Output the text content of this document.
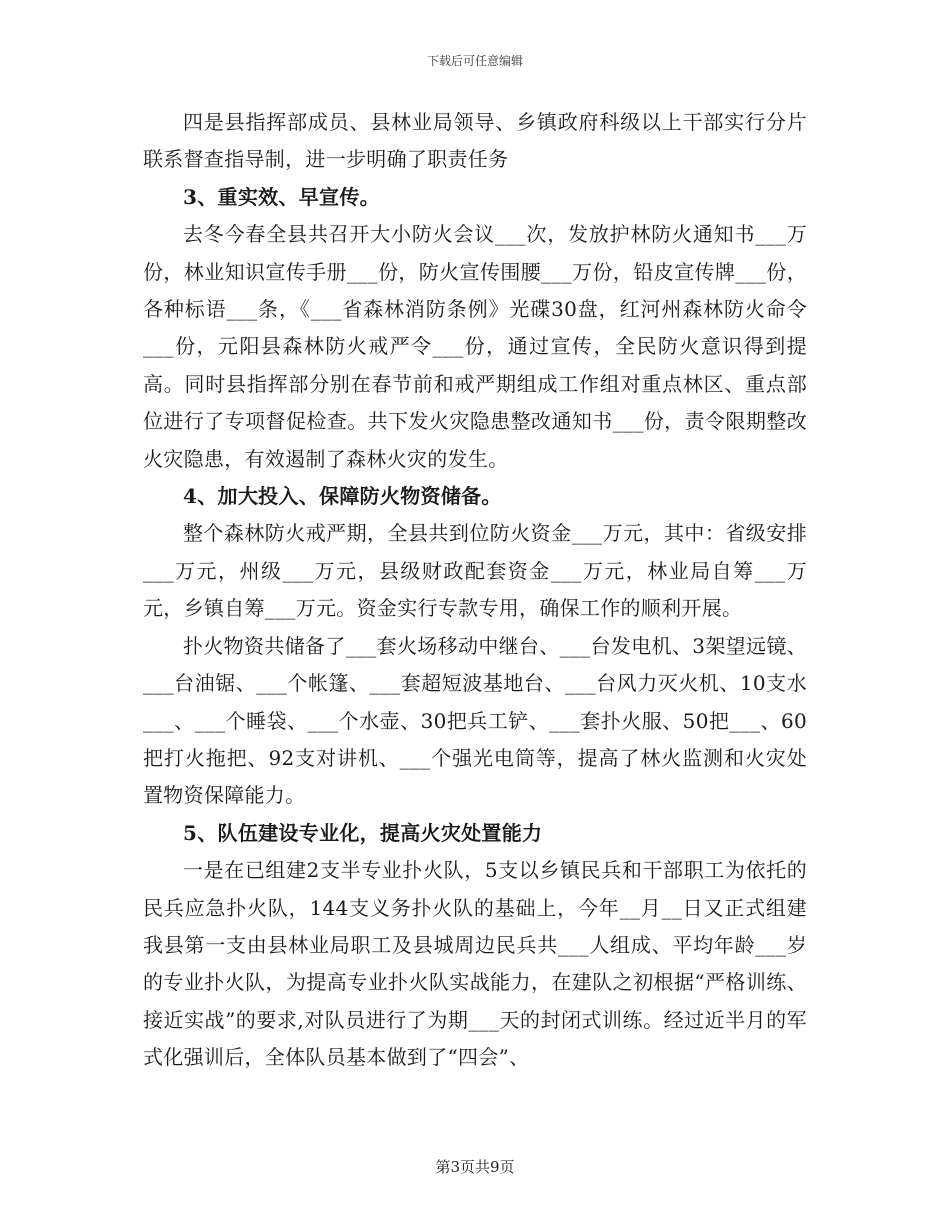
下载后可任意编辑

四是县指挥部成员、县林业局领导、乡镇政府科级以上干部实行分片联系督查指导制，进一步明确了职责任务

3、重实效、早宣传。

去冬今春全县共召开大小防火会议___次，发放护林防火通知书___万份，林业知识宣传手册___份，防火宣传围腰___万份，铅皮宣传牌___份，各种标语___条，《___省森林消防条例》光碟30盘，红河州森林防火命令___份，元阳县森林防火戒严令___份，通过宣传，全民防火意识得到提高。同时县指挥部分别在春节前和戒严期组成工作组对重点林区、重点部位进行了专项督促检查。共下发火灾隐患整改通知书___份，责令限期整改火灾隐患，有效遏制了森林火灾的发生。

4、加大投入、保障防火物资储备。

整个森林防火戒严期，全县共到位防火资金___万元，其中：省级安排___万元，州级___万元，县级财政配套资金___万元，林业局自筹___万元，乡镇自筹___万元。资金实行专款专用，确保工作的顺利开展。

扑火物资共储备了___套火场移动中继台、___台发电机、3架望远镜、___台油锯、___个帐篷、___套超短波基地台、___台风力灭火机、10支水___、___个睡袋、___个水壶、30把兵工铲、___套扑火服、50把___、60把打火拖把、92支对讲机、___个强光电筒等，提高了林火监测和火灾处置物资保障能力。

5、队伍建设专业化，提高火灾处置能力

一是在已组建2支半专业扑火队，5支以乡镇民兵和干部职工为依托的民兵应急扑火队，144支义务扑火队的基础上，今年__月__日又正式组建我县第一支由县林业局职工及县城周边民兵共___人组成、平均年龄___岁的专业扑火队，为提高专业扑火队实战能力，在建队之初根据“严格训练、接近实战”的要求,对队员进行了为期___天的封闭式训练。经过近半月的军式化强训后，全体队员基本做到了“四会”、

第3页共9页
